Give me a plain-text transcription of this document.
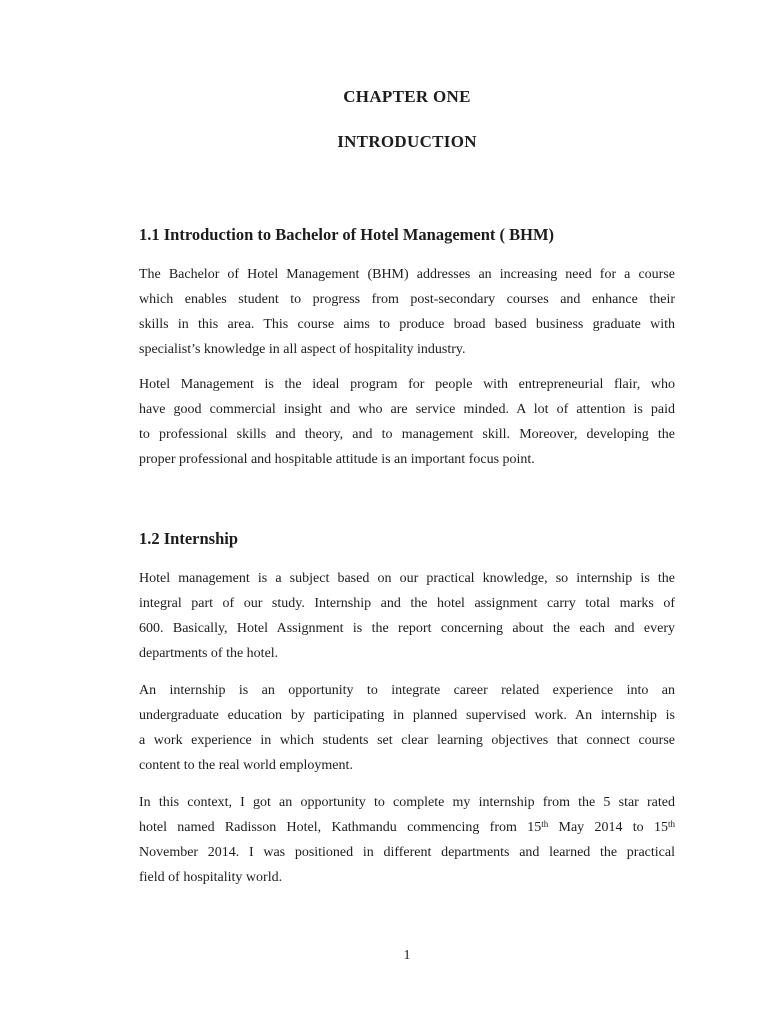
CHAPTER ONE
INTRODUCTION
1.1 Introduction to Bachelor of Hotel Management ( BHM)
The Bachelor of Hotel Management (BHM) addresses an increasing need for a course
which enables student to progress from post-secondary courses and enhance their
skills in this area. This course aims to produce broad based business graduate with
specialist’s knowledge in all aspect of hospitality industry.
Hotel Management is the ideal program for people with entrepreneurial flair, who
have good commercial insight and who are service minded. A lot of attention is paid
to professional skills and theory, and to management skill. Moreover, developing the
proper professional and hospitable attitude is an important focus point.
1.2 Internship
Hotel management is a subject based on our practical knowledge, so internship is the
integral part of our study. Internship and the hotel assignment carry total marks of
600. Basically, Hotel Assignment is the report concerning about the each and every
departments of the hotel.
An internship is an opportunity to integrate career related experience into an
undergraduate education by participating in planned supervised work. An internship is
a work experience in which students set clear learning objectives that connect course
content to the real world employment.
In this context, I got an opportunity to complete my internship from the 5 star rated
hotel named Radisson Hotel, Kathmandu commencing from 15th May 2014 to 15th
November 2014. I was positioned in different departments and learned the practical
field of hospitality world.
1
